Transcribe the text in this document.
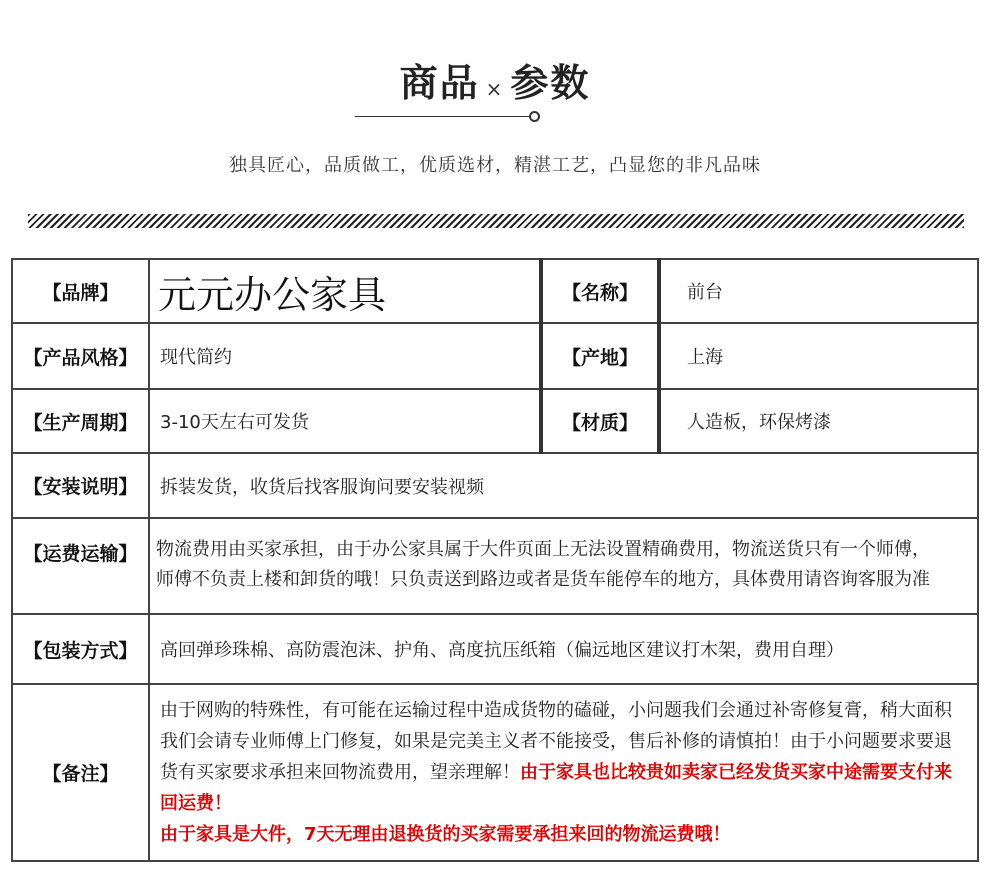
商品 × 参数
独具匠心，品质做工，优质选材，精湛工艺，凸显您的非凡品味
【品牌】	元元办公家具	【名称】	前台
【产品风格】	现代简约	【产地】	上海
【生产周期】	3-10天左右可发货	【材质】	人造板，环保烤漆
【安装说明】	拆装发货，收货后找客服询问要安装视频		
【运费运输】	物流费用由买家承担，由于办公家具属于大件页面上无法设置精确费用，物流送货只有一个师傅，
师傅不负责上楼和卸货的哦！只负责送到路边或者是货车能停车的地方，具体费用请咨询客服为准		

【包装方式】	高回弹珍珠棉、高防震泡沫、护角、高度抗压纸箱（偏远地区建议打木架，费用自理）		
【备注】	由于网购的特殊性，有可能在运输过程中造成货物的磕碰，小问题我们会通过补寄修复膏，稍大面积我们会请专业师傅上门修复，如果是完美主义者不能接受，售后补修的请慎拍！由于小问题要求要退货有买家要求承担来回物流费用，望亲理解！由于家具也比较贵如卖家已经发货买家中途需要支付来回运费！
由于家具是大件，7天无理由退换货的买家需要承担来回的物流运费哦！		
